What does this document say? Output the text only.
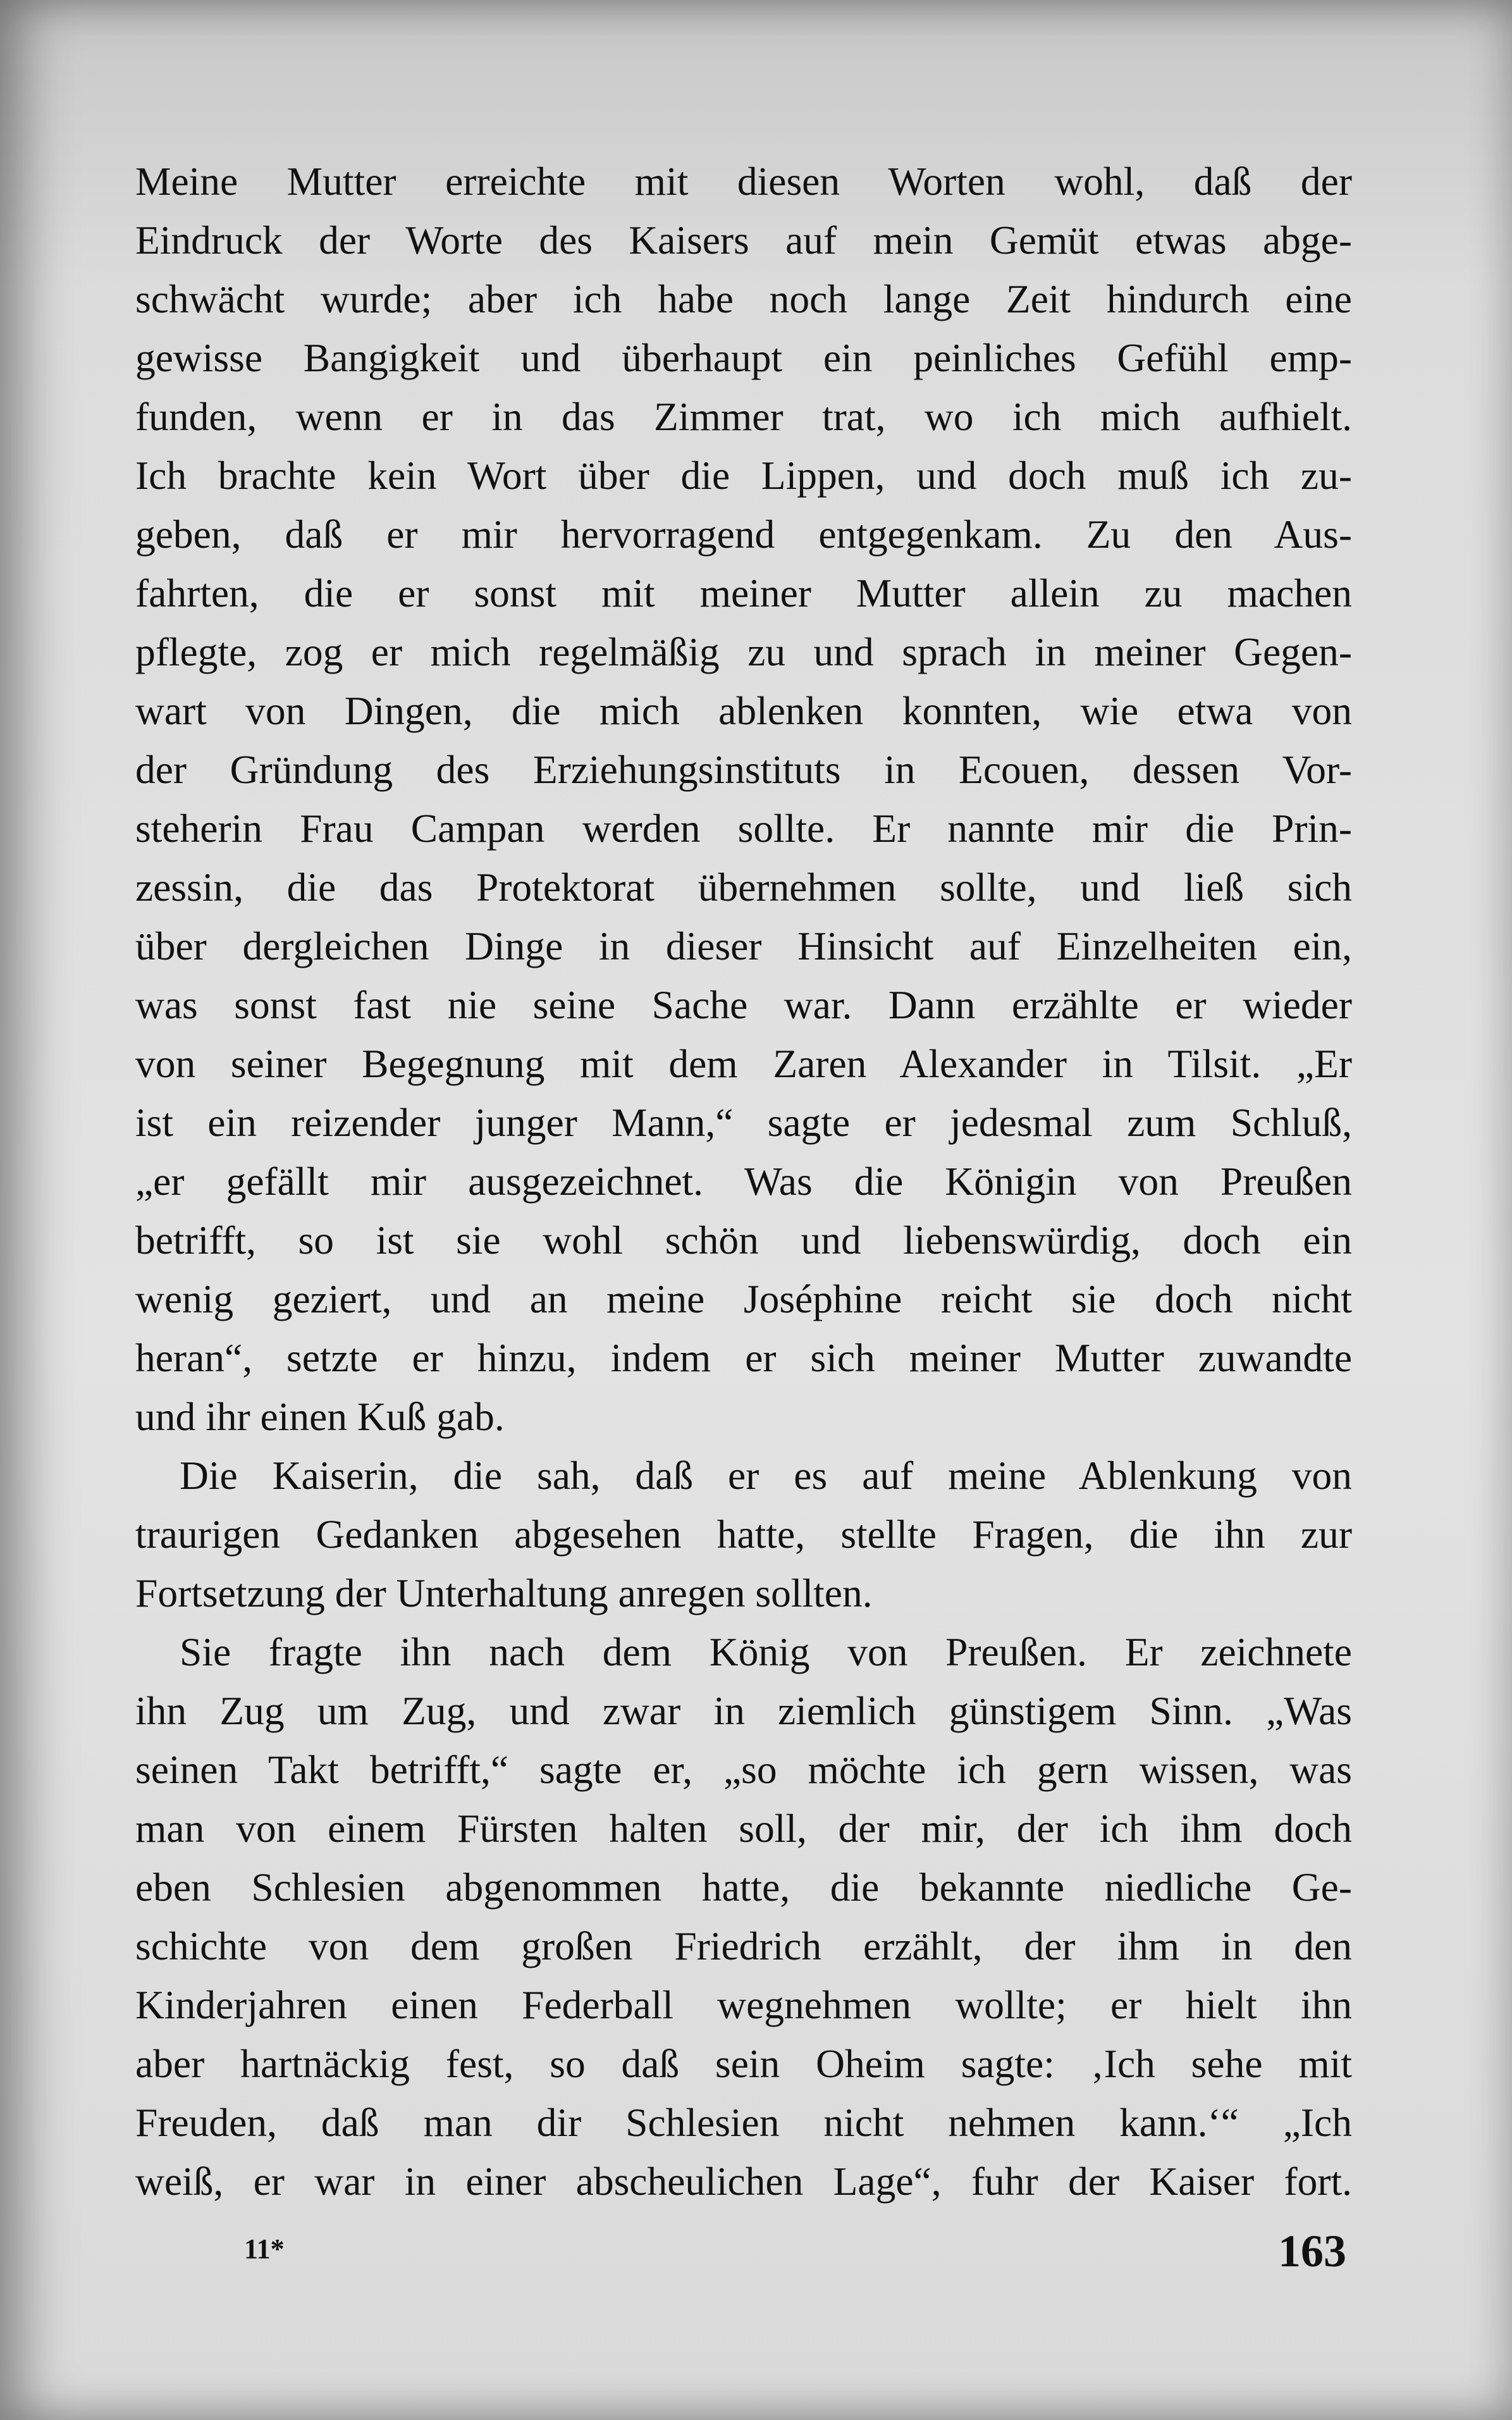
Meine Mutter erreichte mit diesen Worten wohl, daß der
Eindruck der Worte des Kaisers auf mein Gemüt etwas abge-
schwächt wurde; aber ich habe noch lange Zeit hindurch eine
gewisse Bangigkeit und überhaupt ein peinliches Gefühl emp-
funden, wenn er in das Zimmer trat, wo ich mich aufhielt.
Ich brachte kein Wort über die Lippen, und doch muß ich zu-
geben, daß er mir hervorragend entgegenkam. Zu den Aus-
fahrten, die er sonst mit meiner Mutter allein zu machen
pflegte, zog er mich regelmäßig zu und sprach in meiner Gegen-
wart von Dingen, die mich ablenken konnten, wie etwa von
der Gründung des Erziehungsinstituts in Ecouen, dessen Vor-
steherin Frau Campan werden sollte. Er nannte mir die Prin-
zessin, die das Protektorat übernehmen sollte, und ließ sich
über dergleichen Dinge in dieser Hinsicht auf Einzelheiten ein,
was sonst fast nie seine Sache war. Dann erzählte er wieder
von seiner Begegnung mit dem Zaren Alexander in Tilsit. „Er
ist ein reizender junger Mann,“ sagte er jedesmal zum Schluß,
„er gefällt mir ausgezeichnet. Was die Königin von Preußen
betrifft, so ist sie wohl schön und liebenswürdig, doch ein
wenig geziert, und an meine Joséphine reicht sie doch nicht
heran“, setzte er hinzu, indem er sich meiner Mutter zuwandte
und ihr einen Kuß gab.
Die Kaiserin, die sah, daß er es auf meine Ablenkung von
traurigen Gedanken abgesehen hatte, stellte Fragen, die ihn zur
Fortsetzung der Unterhaltung anregen sollten.
Sie fragte ihn nach dem König von Preußen. Er zeichnete
ihn Zug um Zug, und zwar in ziemlich günstigem Sinn. „Was
seinen Takt betrifft,“ sagte er, „so möchte ich gern wissen, was
man von einem Fürsten halten soll, der mir, der ich ihm doch
eben Schlesien abgenommen hatte, die bekannte niedliche Ge-
schichte von dem großen Friedrich erzählt, der ihm in den
Kinderjahren einen Federball wegnehmen wollte; er hielt ihn
aber hartnäckig fest, so daß sein Oheim sagte: ‚Ich sehe mit
Freuden, daß man dir Schlesien nicht nehmen kann.‘“ „Ich
weiß, er war in einer abscheulichen Lage“, fuhr der Kaiser fort.
11*	163
